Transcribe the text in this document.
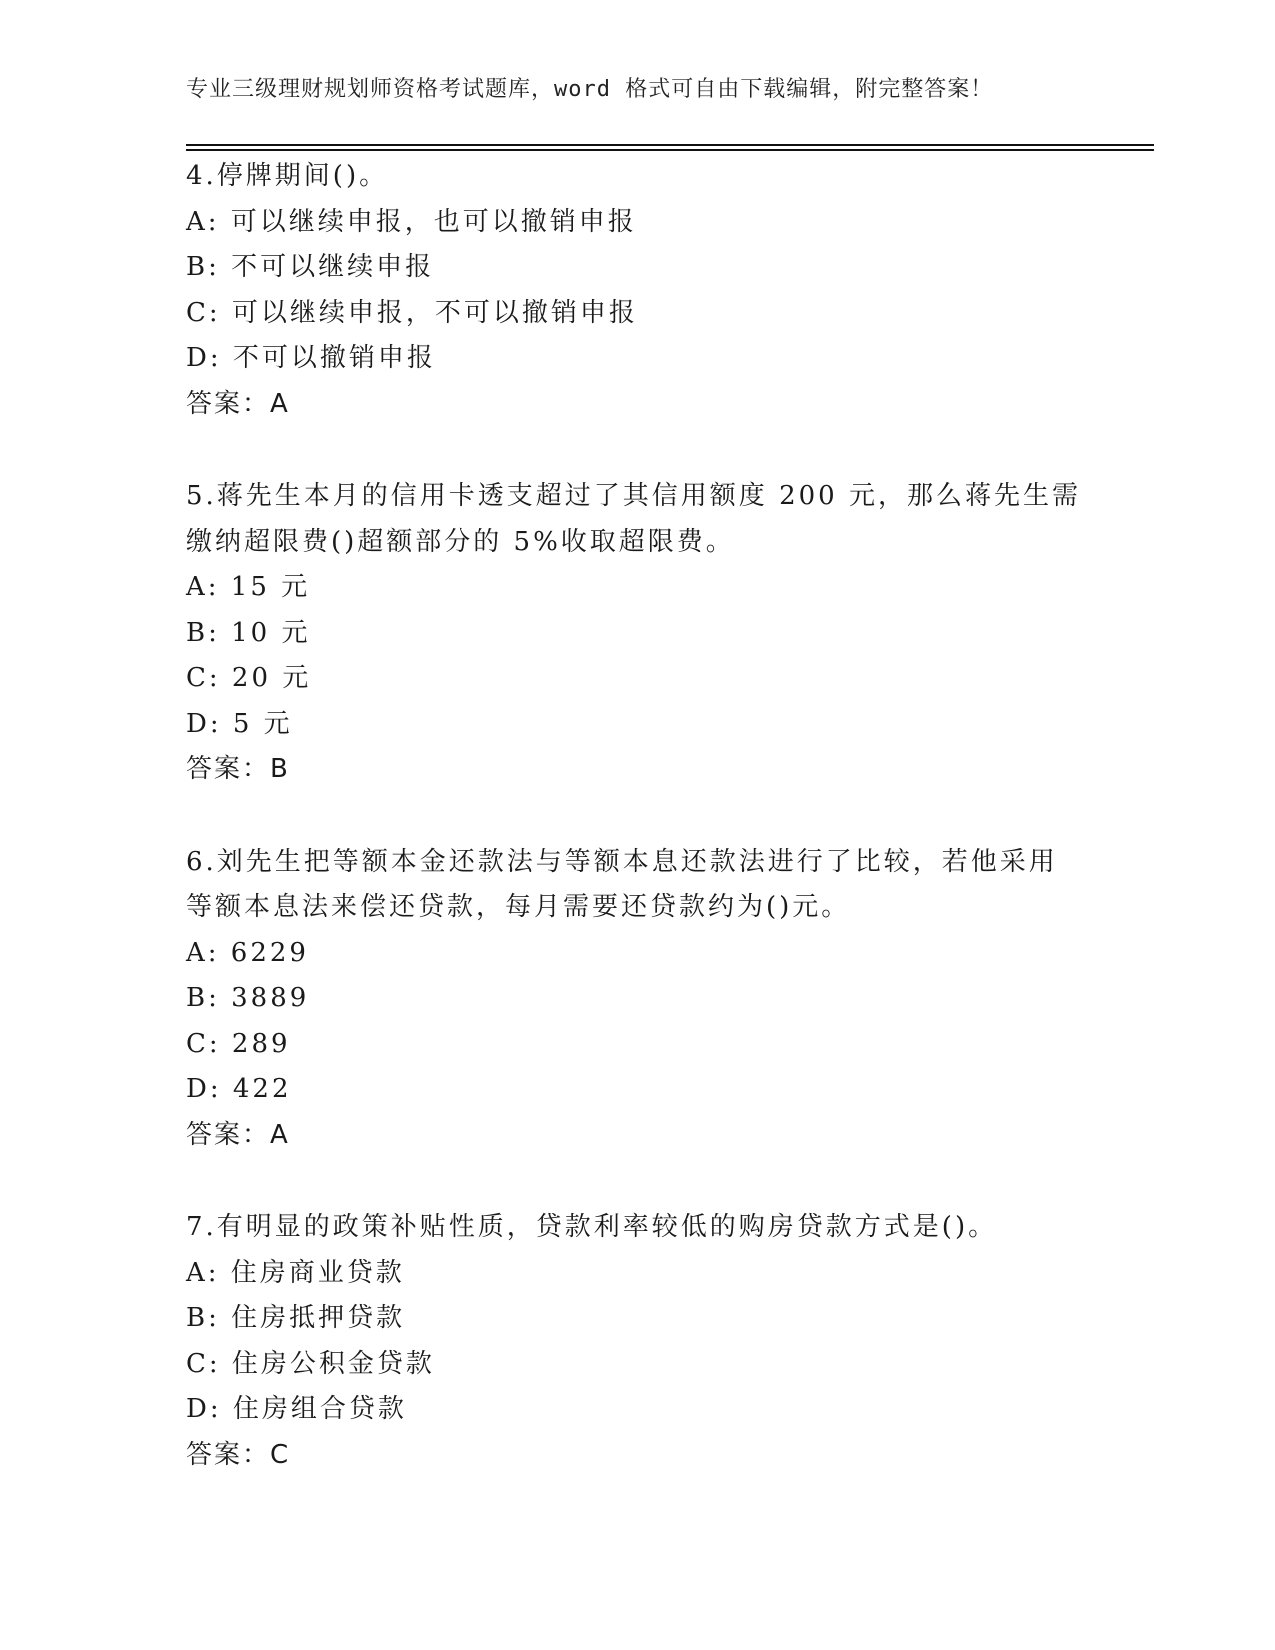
专业三级理财规划师资格考试题库，word 格式可自由下载编辑，附完整答案！
4.停牌期间()。
A: 可以继续申报，也可以撤销申报
B: 不可以继续申报
C: 可以继续申报，不可以撤销申报
D: 不可以撤销申报
答案：A
5.蒋先生本月的信用卡透支超过了其信用额度 200 元，那么蒋先生需
缴纳超限费()超额部分的 5%收取超限费。
A: 15 元
B: 10 元
C: 20 元
D: 5 元
答案：B
6.刘先生把等额本金还款法与等额本息还款法进行了比较，若他采用
等额本息法来偿还贷款，每月需要还贷款约为()元。
A: 6229
B: 3889
C: 289
D: 422
答案：A
7.有明显的政策补贴性质，贷款利率较低的购房贷款方式是()。
A: 住房商业贷款
B: 住房抵押贷款
C: 住房公积金贷款
D: 住房组合贷款
答案：C
